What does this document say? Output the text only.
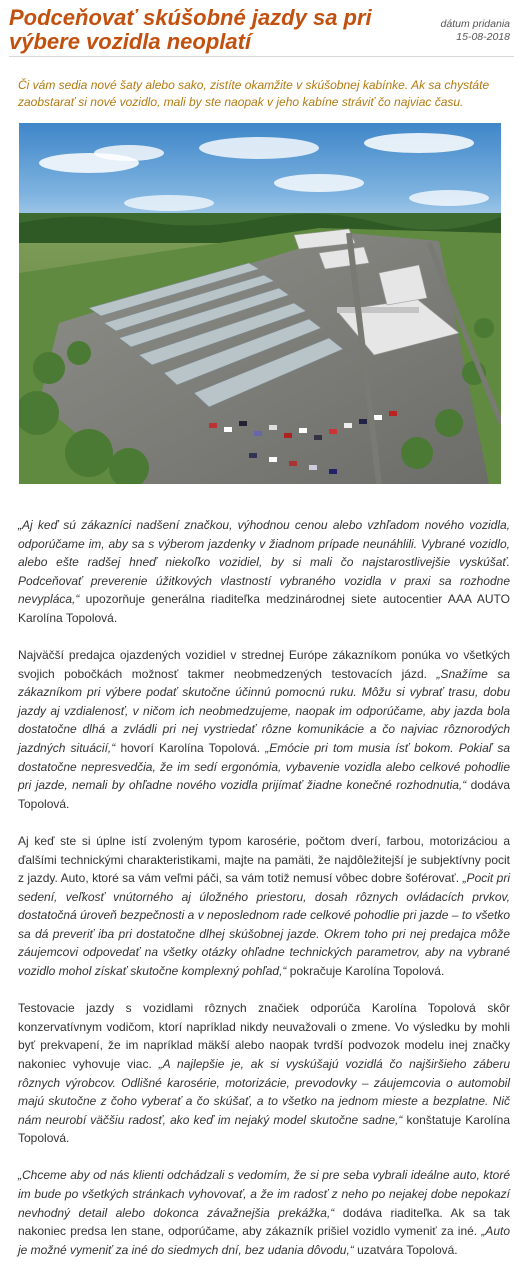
Podceňovať skúšobné jazdy sa pri výbere vozidla neoplatí
dátum pridania
15-08-2018

Či vám sedia nové šaty alebo sako, zistíte okamžite v skúšobnej kabínke. Ak sa chystáte zaobstarať si nové vozidlo, mali by ste naopak v jeho kabíne stráviť čo najviac času.

„Aj keď sú zákazníci nadšení značkou, výhodnou cenou alebo vzhľadom nového vozidla, odporúčame im, aby sa s výberom jazdenky v žiadnom prípade neunáhlili. Vybrané vozidlo, alebo ešte radšej hneď niekoľko vozidiel, by si mali čo najstarostlivejšie vyskúšať. Podceňovať preverenie úžitkových vlastností vybraného vozidla v praxi sa rozhodne nevypláca,“ upozorňuje generálna riaditeľka medzinárodnej siete autocentier AAA AUTO Karolína Topolová.

Najväčší predajca ojazdených vozidiel v strednej Európe zákazníkom ponúka vo všetkých svojich pobočkách možnosť takmer neobmedzených testovacích jázd. „Snažíme sa zákazníkom pri výbere podať skutočne účinnú pomocnú ruku. Môžu si vybrať trasu, dobu jazdy aj vzdialenosť, v ničom ich neobmedzujeme, naopak im odporúčame, aby jazda bola dostatočne dlhá a zvládli pri nej vystriedať rôzne komunikácie a čo najviac rôznorodých jazdných situácií,“ hovorí Karolína Topolová. „Emócie pri tom musia ísť bokom. Pokiaľ sa dostatočne nepresvedčia, že im sedí ergonómia, vybavenie vozidla alebo celkové pohodlie pri jazde, nemali by ohľadne nového vozidla prijímať žiadne konečné rozhodnutia,“ dodáva Topolová.

Aj keď ste si úplne istí zvoleným typom karosérie, počtom dverí, farbou, motorizáciou a ďalšími technickými charakteristikami, majte na pamäti, že najdôležitejší je subjektívny pocit z jazdy. Auto, ktoré sa vám veľmi páči, sa vám totiž nemusí vôbec dobre šoférovať. „Pocit pri sedení, veľkosť vnútorného aj úložného priestoru, dosah rôznych ovládacích prvkov, dostatočná úroveň bezpečnosti a v neposlednom rade celkové pohodlie pri jazde – to všetko sa dá preveriť iba pri dostatočne dlhej skúšobnej jazde. Okrem toho pri nej predajca môže záujemcovi odpovedať na všetky otázky ohľadne technických parametrov, aby na vybrané vozidlo mohol získať skutočne komplexný pohľad,“ pokračuje Karolína Topolová.

Testovacie jazdy s vozidlami rôznych značiek odporúča Karolína Topolová skôr konzervatívnym vodičom, ktorí napríklad nikdy neuvažovali o zmene. Vo výsledku by mohli byť prekvapení, že im napríklad mäkší alebo naopak tvrdší podvozok modelu inej značky nakoniec vyhovuje viac. „A najlepšie je, ak si vyskúšajú vozidlá čo najširšieho záberu rôznych výrobcov. Odlišné karosérie, motorizácie, prevodovky – záujemcovia o automobil majú skutočne z čoho vyberať a čo skúšať, a to všetko na jednom mieste a bezplatne. Nič nám neurobí väčšiu radosť, ako keď im nejaký model skutočne sadne,“ konštatuje Karolína Topolová.

„Chceme aby od nás klienti odchádzali s vedomím, že si pre seba vybrali ideálne auto, ktoré im bude po všetkých stránkach vyhovovať, a že im radosť z neho po nejakej dobe nepokazí nevhodný detail alebo dokonca závažnejšia prekážka,“ dodáva riaditeľka. Ak sa tak nakoniec predsa len stane, odporúčame, aby zákazník prišiel vozidlo vymeniť za iné. „Auto je možné vymeniť za iné do siedmych dní, bez udania dôvodu,“ uzatvára Topolová.
